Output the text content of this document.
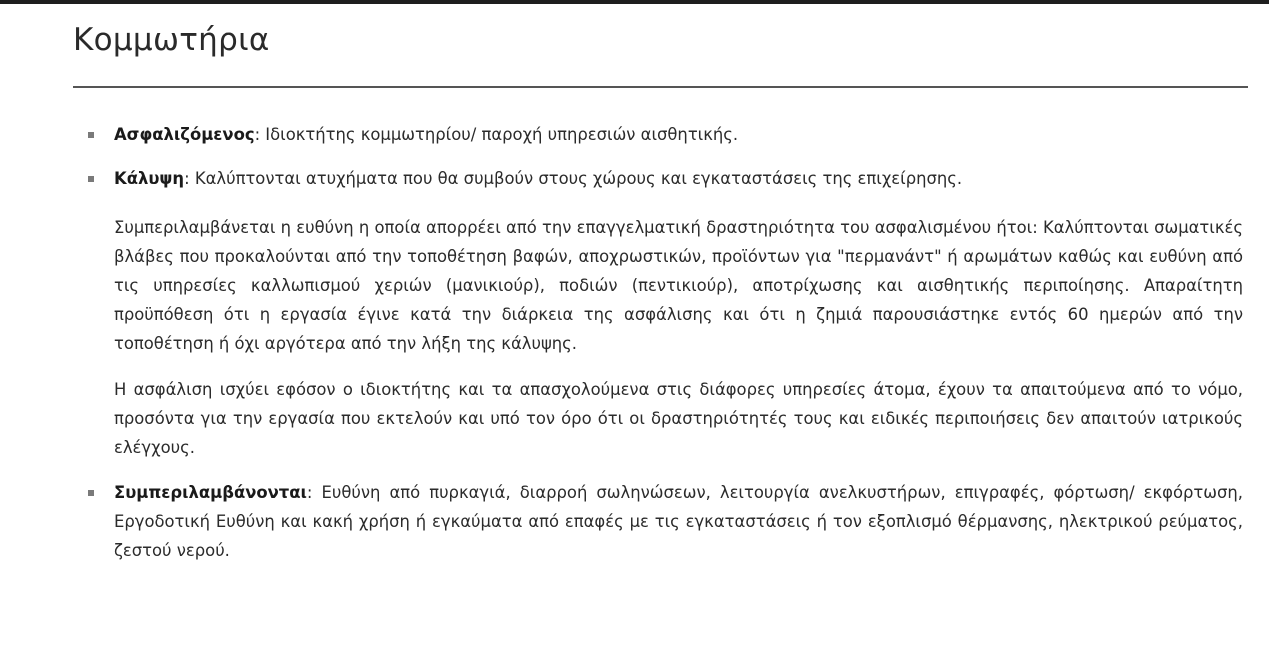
Κομμωτήρια

Ασφαλιζόμενος: Ιδιοκτήτης κομμωτηρίου/ παροχή υπηρεσιών αισθητικής.

Κάλυψη: Καλύπτονται ατυχήματα που θα συμβούν στους χώρους και εγκαταστάσεις της επιχείρησης.

Συμπεριλαμβάνεται η ευθύνη η οποία απορρέει από την επαγγελματική δραστηριότητα του ασφαλισμένου ήτοι: Καλύπτονται σωματικές βλάβες που προκαλούνται από την τοποθέτηση βαφών, αποχρωστικών, προϊόντων για "περμανάντ" ή αρωμάτων καθώς και ευθύνη από τις υπηρεσίες καλλωπισμού χεριών (μανικιούρ), ποδιών (πεντικιούρ), αποτρίχωσης και αισθητικής περιποίησης. Απαραίτητη προϋπόθεση ότι η εργασία έγινε κατά την διάρκεια της ασφάλισης και ότι η ζημιά παρουσιάστηκε εντός 60 ημερών από την τοποθέτηση ή όχι αργότερα από την λήξη της κάλυψης.

Η ασφάλιση ισχύει εφόσον ο ιδιοκτήτης και τα απασχολούμενα στις διάφορες υπηρεσίες άτομα, έχουν τα απαιτούμενα από το νόμο, προσόντα για την εργασία που εκτελούν και υπό τον όρο ότι οι δραστηριότητές τους και ειδικές περιποιήσεις δεν απαιτούν ιατρικούς ελέγχους.

Συμπεριλαμβάνονται: Ευθύνη από πυρκαγιά, διαρροή σωληνώσεων, λειτουργία ανελκυστήρων, επιγραφές, φόρτωση/ εκφόρτωση, Εργοδοτική Ευθύνη και κακή χρήση ή εγκαύματα από επαφές με τις εγκαταστάσεις ή τον εξοπλισμό θέρμανσης, ηλεκτρικού ρεύματος, ζεστού νερού.
